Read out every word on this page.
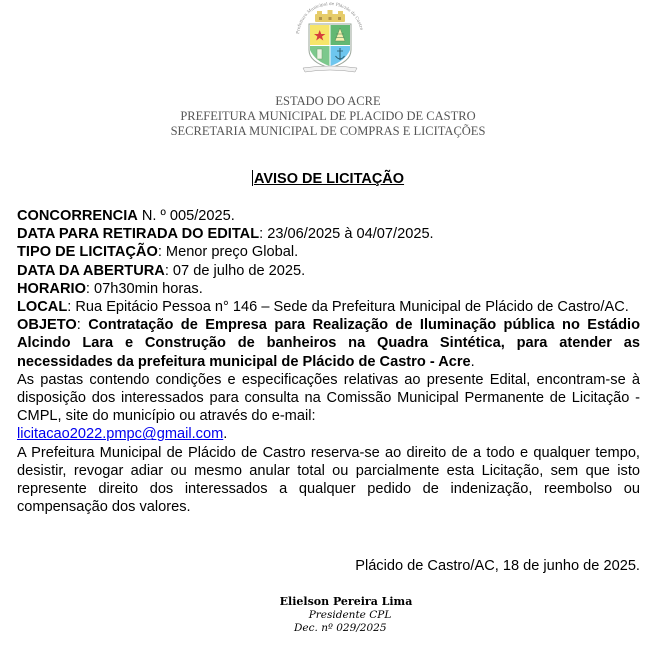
Prefeitura Municipal de Plácido de Castro
ESTADO DO ACRE
PREFEITURA MUNICIPAL DE PLACIDO DE CASTRO
SECRETARIA MUNICIPAL DE COMPRAS E LICITAÇÕES
AVISO DE LICITAÇÃO

CONCORRENCIA N. º 005/2025.

DATA PARA RETIRADA DO EDITAL: 23/06/2025 à 04/07/2025.

TIPO DE LICITAÇÃO: Menor preço Global.

DATA DA ABERTURA: 07 de julho de 2025.

HORARIO: 07h30min horas.

LOCAL: Rua Epitácio Pessoa n° 146 – Sede da Prefeitura Municipal de Plácido de Castro/AC.

OBJETO: Contratação de Empresa para Realização de Iluminação pública no Estádio Alcindo Lara e Construção de banheiros na Quadra Sintética, para atender as necessidades da prefeitura municipal de Plácido de Castro - Acre.

As pastas contendo condições e especificações relativas ao presente Edital, encontram-se à disposição dos interessados para consulta na Comissão Municipal Permanente de Licitação - CMPL, site do município ou através do e-mail:
licitacao2022.pmpc@gmail.com.

A Prefeitura Municipal de Plácido de Castro reserva-se ao direito de a todo e qualquer tempo, desistir, revogar adiar ou mesmo anular total ou parcialmente esta Licitação, sem que isto represente direito dos interessados a qualquer pedido de indenização, reembolso ou compensação dos valores.

Plácido de Castro/AC, 18 de junho de 2025.
Elielson Pereira Lima
Presidente CPL
Dec. nº 029/2025
